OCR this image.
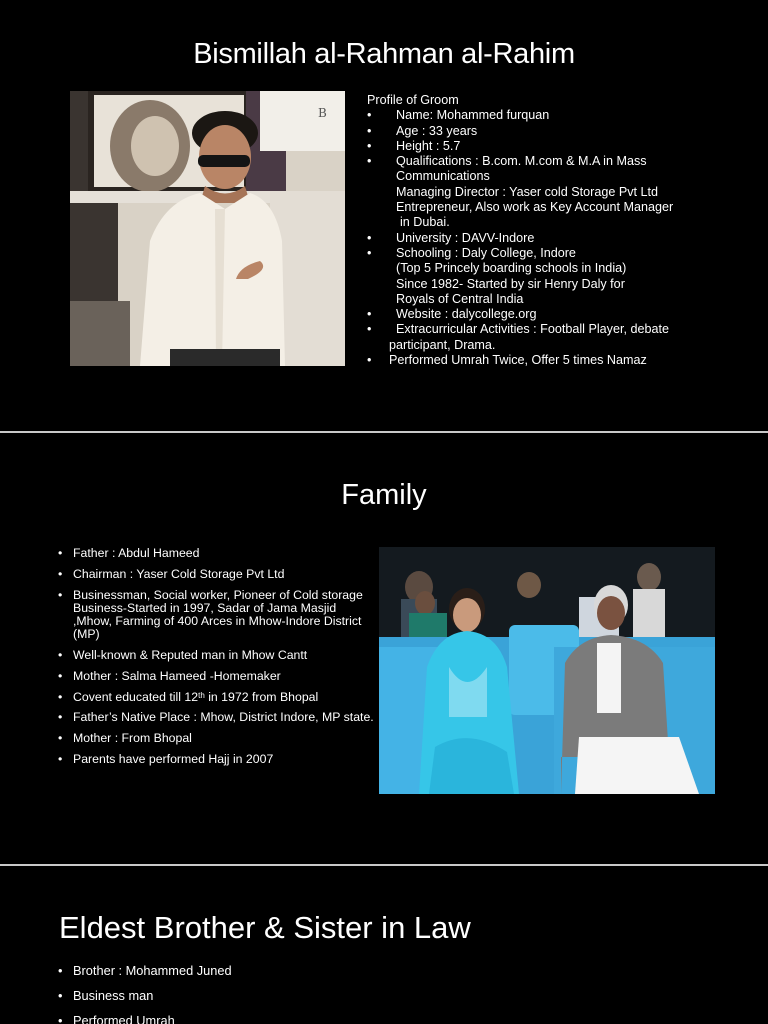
Bismillah al-Rahman al-Rahim
B
Profile of Groom
• Name: Mohammed furquan
• Age : 33 years
• Height : 5.7
• Qualifications : B.com. M.com & M.A in Mass
Communications
Managing Director : Yaser cold Storage Pvt Ltd
Entrepreneur, Also work as Key Account Manager
in Dubai.
• University : DAVV-Indore
• Schooling : Daly College, Indore
(Top 5 Princely boarding schools in India)
Since 1982- Started by sir Henry Daly for
Royals of Central India
• Website : dalycollege.org
• Extracurricular Activities : Football Player, debate
participant, Drama.
• Performed Umrah Twice, Offer 5 times Namaz
Family
• Father : Abdul Hameed
• Chairman : Yaser Cold Storage Pvt Ltd
• Businessman, Social worker, Pioneer of Cold storage Business-Started in 1997, Sadar of Jama Masjid ,Mhow, Farming of 400 Arces in Mhow-Indore District (MP)
• Well-known & Reputed man in Mhow Cantt
• Mother : Salma Hameed -Homemaker
• Covent educated till 12th in 1972 from Bhopal
• Father’s Native Place : Mhow, District Indore, MP state.
• Mother : From Bhopal
• Parents have performed Hajj in 2007
Eldest Brother & Sister in Law
• Brother : Mohammed Juned
• Business man
• Performed Umrah
